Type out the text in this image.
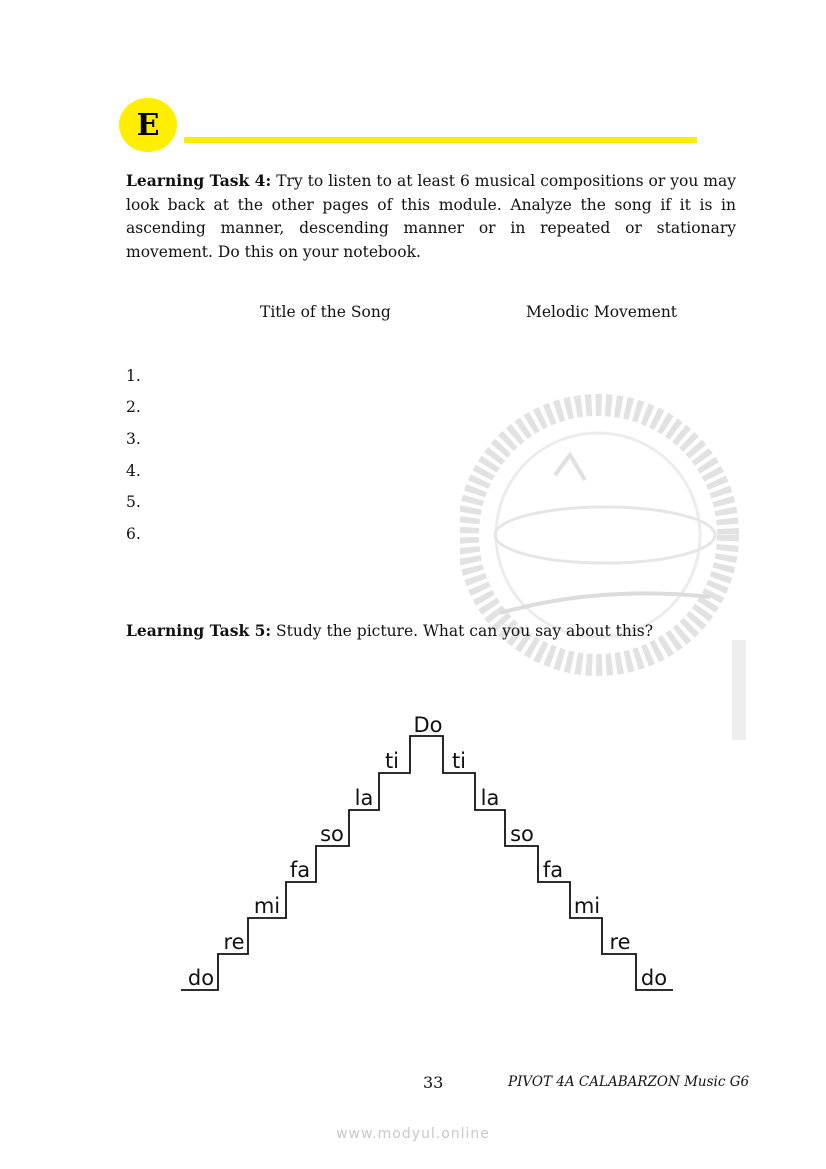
E
Learning Task 4: Try to listen to at least 6 musical compositions or you may look back at the other pages of this module. Analyze the song if it is in ascending manner, descending manner or in repeated or stationary movement. Do this on your notebook.
Title of the Song	Melodic Movement
1.
2.
3.
4.
5.
6.
Learning Task 5: Study the picture. What can you say about this?
Do
do
re
mi
fa
so
la
ti	ti
la
so
fa
mi
re
do
33	PIVOT 4A CALABARZON Music G6
www.modyul.online
